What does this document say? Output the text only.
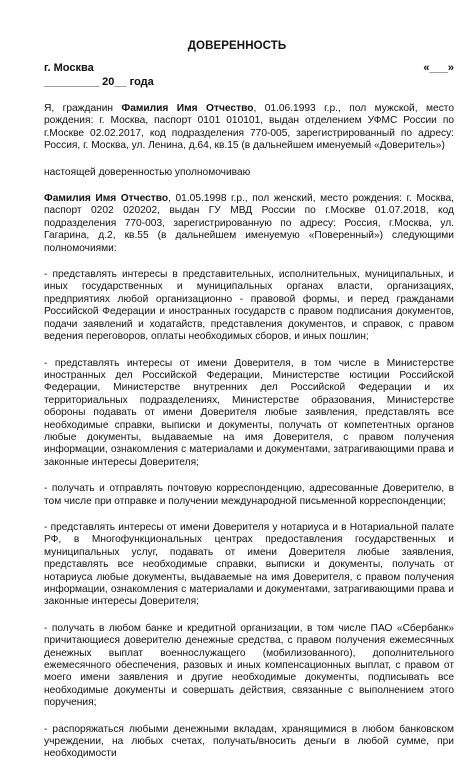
ДОВЕРЕННОСТЬ
г. Москва	«___»
_________ 20__ года

Я, гражданин Фамилия Имя Отчество, 01.06.1993 г.р., пол мужской, место рождения: г. Москва, паспорт 0101 010101, выдан отделением УФМС России по г.Москве 02.02.2017, код подразделения 770-005, зарегистрированный по адресу: Россия, г. Москва, ул. Ленина, д.64, кв.15 (в дальнейшем именуемый «Доверитель»)

настоящей доверенностью уполномочиваю

Фамилия Имя Отчество, 01.05.1998 г.р., пол женский, место рождения: г. Москва, паспорт 0202 020202, выдан ГУ МВД России по г.Москве 01.07.2018, код подразделения 770-003, зарегистрированную по адресу: Россия, г.Москва, ул. Гагарина, д.2, кв.55 (в дальнейшем именуемую «Поверенный») следующими полномочиями:

- представлять интересы в представительных, исполнительных, муниципальных, и иных государственных и муниципальных органах власти, организациях, предприятиях любой организационно - правовой формы, и перед гражданами Российской Федерации и иностранных государств с правом подписания документов, подачи заявлений и ходатайств, представления документов, и справок, с правом ведения переговоров, оплаты необходимых сборов, и иных пошлин;

- представлять интересы от имени Доверителя, в том числе в Министерстве иностранных дел Российской Федерации, Министерстве юстиции Российской Федерации, Министерстве внутренних дел Российской Федерации и их территориальных подразделениях, Министерстве образования, Министерстве обороны подавать от имени Доверителя любые заявления, представлять все необходимые справки, выписки и документы, получать от компетентных органов любые документы, выдаваемые на имя Доверителя, с правом получения информации, ознакомления с материалами и документами, затрагивающими права и законные интересы Доверителя;

- получать и отправлять почтовую корреспонденцию, адресованные Доверителю, в том числе при отправке и получении международной письменной корреспонденции;

- представлять интересы от имени Доверителя у нотариуса и в Нотариальной палате РФ, в Многофункциональных центрах предоставления государственных и муниципальных услуг, подавать от имени Доверителя любые заявления, представлять все необходимые справки, выписки и документы, получать от нотариуса любые документы, выдаваемые на имя Доверителя, с правом получения информации, ознакомления с материалами и документами, затрагивающими права и законные интересы Доверителя;

- получать в любом банке и кредитной организации, в том числе ПАО «Сбербанк» причитающиеся доверителю денежные средства, с правом получения ежемесячных денежных выплат военнослужащего (мобилизованного), дополнительного ежемесячного обеспечения, разовых и иных компенсационных выплат, с правом от моего имени заявления и другие необходимые документы, подписывать все необходимые документы и совершать действия, связанные с выполнением этого поручения;

- распоряжаться любыми денежными вкладам, хранящимися в любом банковском учреждении, на любых счетах, получать/вносить деньги в любой сумме, при необходимости
